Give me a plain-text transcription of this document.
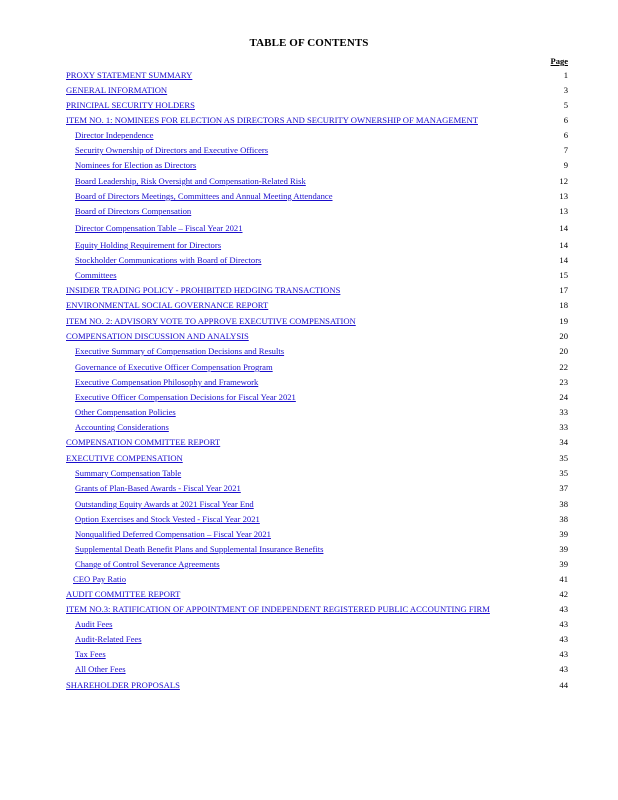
TABLE OF CONTENTS
Page
PROXY STATEMENT SUMMARY	1
GENERAL INFORMATION	3
PRINCIPAL SECURITY HOLDERS	5
ITEM NO. 1: NOMINEES FOR ELECTION AS DIRECTORS AND SECURITY OWNERSHIP OF MANAGEMENT	6
Director Independence	6
Security Ownership of Directors and Executive Officers	7
Nominees for Election as Directors	9
Board Leadership, Risk Oversight and Compensation-Related Risk	12
Board of Directors Meetings, Committees and Annual Meeting Attendance	13
Board of Directors Compensation	13
Director Compensation Table – Fiscal Year 2021	14
Equity Holding Requirement for Directors	14
Stockholder Communications with Board of Directors	14
Committees	15
INSIDER TRADING POLICY - PROHIBITED HEDGING TRANSACTIONS	17
ENVIRONMENTAL SOCIAL GOVERNANCE REPORT	18
ITEM NO. 2: ADVISORY VOTE TO APPROVE EXECUTIVE COMPENSATION	19
COMPENSATION DISCUSSION AND ANALYSIS	20
Executive Summary of Compensation Decisions and Results	20
Governance of Executive Officer Compensation Program	22
Executive Compensation Philosophy and Framework	23
Executive Officer Compensation Decisions for Fiscal Year 2021	24
Other Compensation Policies	33
Accounting Considerations	33
COMPENSATION COMMITTEE REPORT	34
EXECUTIVE COMPENSATION	35
Summary Compensation Table	35
Grants of Plan-Based Awards - Fiscal Year 2021	37
Outstanding Equity Awards at 2021 Fiscal Year End	38
Option Exercises and Stock Vested - Fiscal Year 2021	38
Nonqualified Deferred Compensation – Fiscal Year 2021	39
Supplemental Death Benefit Plans and Supplemental Insurance Benefits	39
Change of Control Severance Agreements	39
CEO Pay Ratio	41
AUDIT COMMITTEE REPORT	42
ITEM NO.3: RATIFICATION OF APPOINTMENT OF INDEPENDENT REGISTERED PUBLIC ACCOUNTING FIRM	43
Audit Fees	43
Audit-Related Fees	43
Tax Fees	43
All Other Fees	43
SHAREHOLDER PROPOSALS	44
